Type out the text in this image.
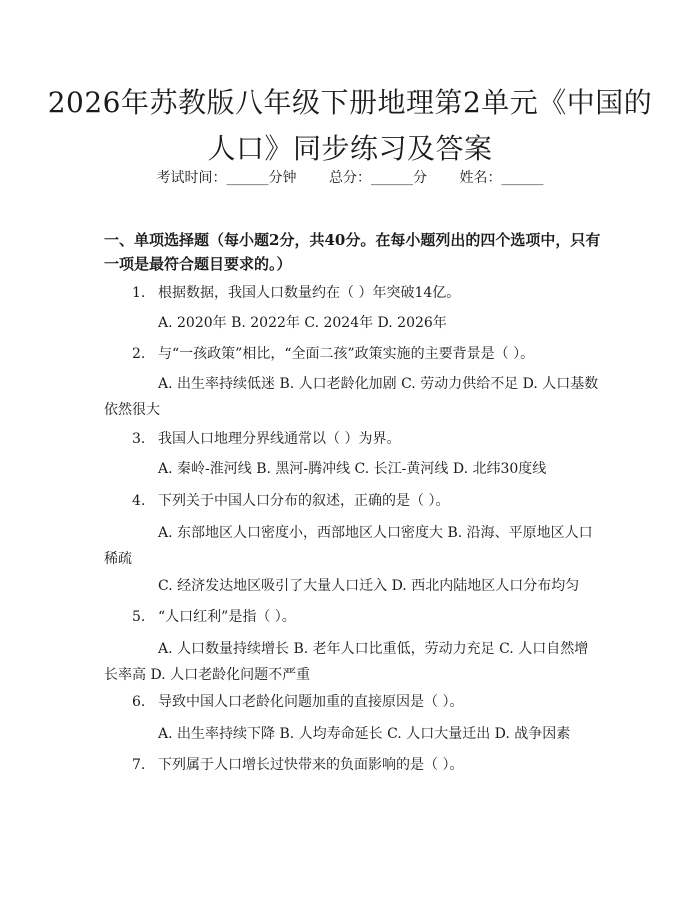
2026年苏教版八年级下册地理第2单元《中国的人口》同步练习及答案
考试时间：______分钟 总分：______分 姓名：______
一、单项选择题（每小题2分，共40分。在每小题列出的四个选项中，只有一项是最符合题目要求的。）
1. 根据数据，我国人口数量约在（ ）年突破14亿。
A. 2020年 B. 2022年 C. 2024年 D. 2026年
2. 与“一孩政策”相比，“全面二孩”政策实施的主要背景是（ ）。
A. 出生率持续低迷 B. 人口老龄化加剧 C. 劳动力供给不足 D. 人口基数依然很大
3. 我国人口地理分界线通常以（ ）为界。
A. 秦岭-淮河线 B. 黑河-腾冲线 C. 长江-黄河线 D. 北纬30度线
4. 下列关于中国人口分布的叙述，正确的是（ ）。
A. 东部地区人口密度小，西部地区人口密度大 B. 沿海、平原地区人口稀疏
C. 经济发达地区吸引了大量人口迁入 D. 西北内陆地区人口分布均匀
5. “人口红利”是指（ ）。
A. 人口数量持续增长 B. 老年人口比重低，劳动力充足 C. 人口自然增长率高 D. 人口老龄化问题不严重
6. 导致中国人口老龄化问题加重的直接原因是（ ）。
A. 出生率持续下降 B. 人均寿命延长 C. 人口大量迁出 D. 战争因素
7. 下列属于人口增长过快带来的负面影响的是（ ）。
